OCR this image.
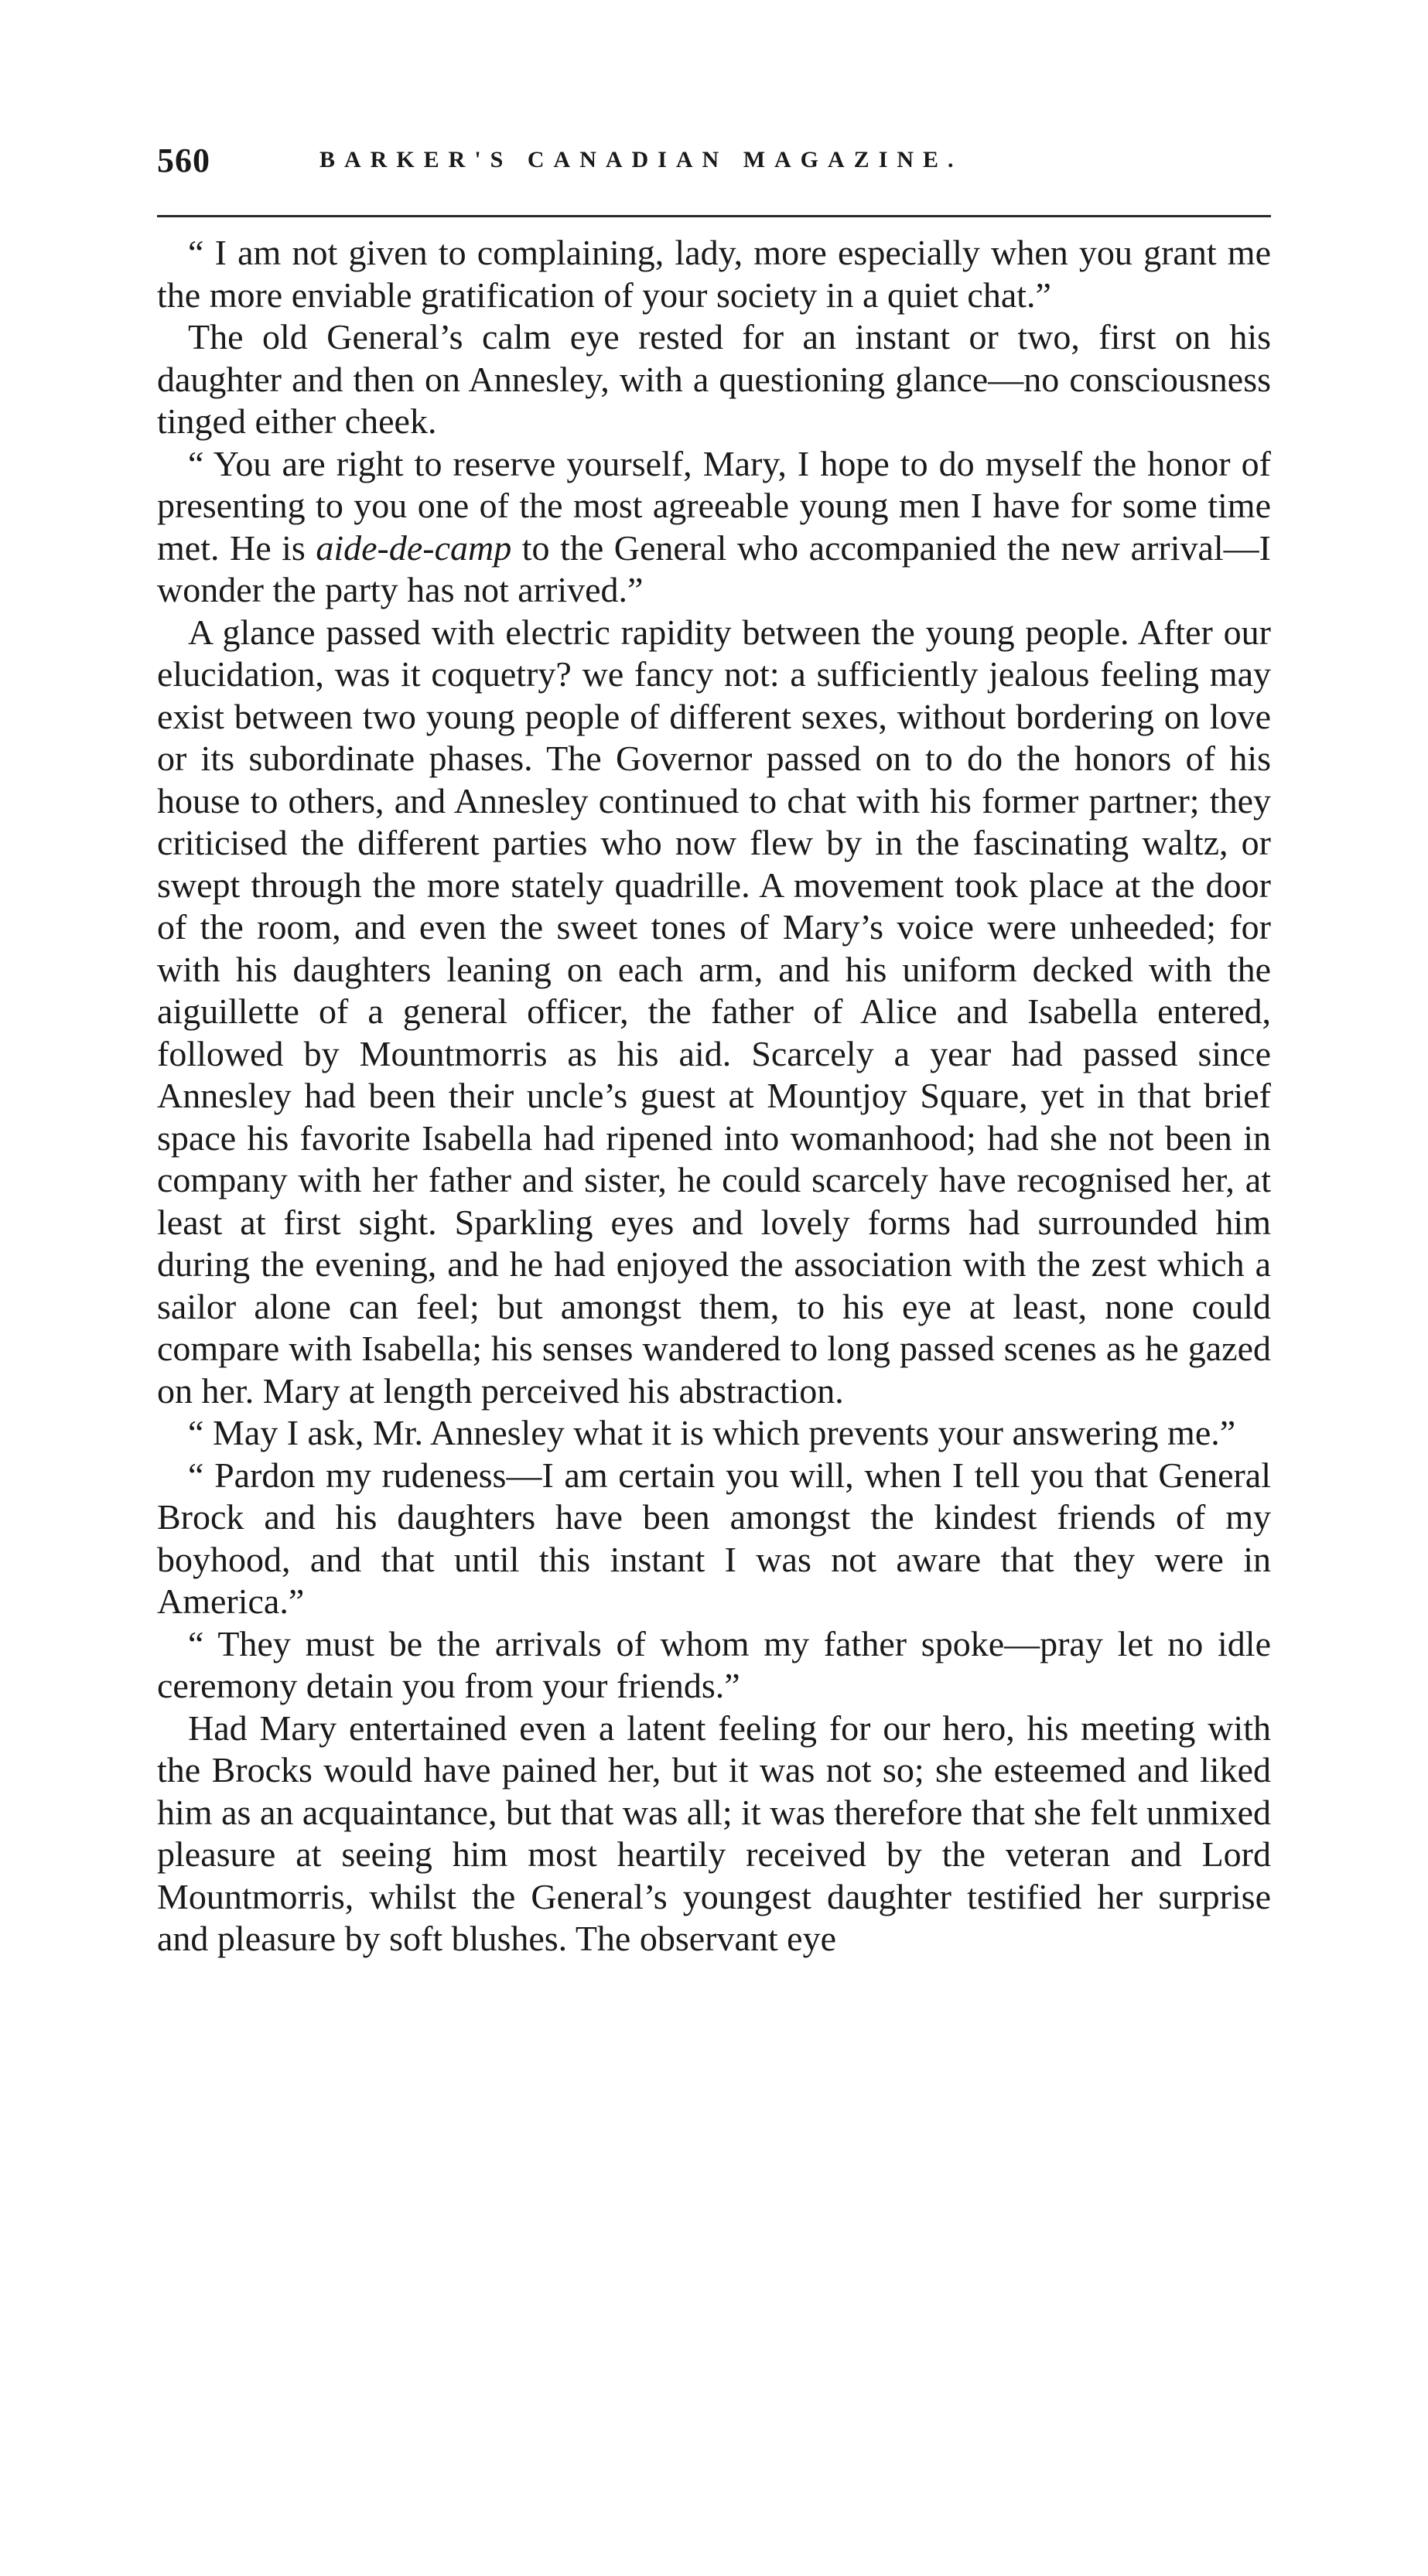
560	BARKER'S CANADIAN MAGAZINE.

“ I am not given to complaining, lady, more especially when you grant me the more enviable gratification of your society in a quiet chat.”

The old General’s calm eye rested for an instant or two, first on his daughter and then on Annesley, with a questioning glance—no consciousness tinged either cheek.

“ You are right to reserve yourself, Mary, I hope to do myself the honor of presenting to you one of the most agreeable young men I have for some time met. He is aide-de-camp to the General who accompanied the new arrival—I wonder the party has not arrived.”

A glance passed with electric rapidity between the young people. After our elucidation, was it coquetry? we fancy not: a sufficiently jealous feeling may exist between two young people of different sexes, without bordering on love or its subordinate phases. The Governor passed on to do the honors of his house to others, and Annesley continued to chat with his former partner; they criticised the different parties who now flew by in the fascinating waltz, or swept through the more stately quadrille. A movement took place at the door of the room, and even the sweet tones of Mary’s voice were unheeded; for with his daughters leaning on each arm, and his uniform decked with the aiguillette of a general officer, the father of Alice and Isabella entered, followed by Mountmorris as his aid. Scarcely a year had passed since Annesley had been their uncle’s guest at Mountjoy Square, yet in that brief space his favorite Isabella had ripened into womanhood; had she not been in company with her father and sister, he could scarcely have recognised her, at least at first sight. Sparkling eyes and lovely forms had surrounded him during the evening, and he had enjoyed the association with the zest which a sailor alone can feel; but amongst them, to his eye at least, none could compare with Isabella; his senses wandered to long passed scenes as he gazed on her. Mary at length perceived his abstraction.

“ May I ask, Mr. Annesley what it is which prevents your answering me.”

“ Pardon my rudeness—I am certain you will, when I tell you that General Brock and his daughters have been amongst the kindest friends of my boyhood, and that until this instant I was not aware that they were in America.”

“ They must be the arrivals of whom my father spoke—pray let no idle ceremony detain you from your friends.”

Had Mary entertained even a latent feeling for our hero, his meeting with the Brocks would have pained her, but it was not so; she esteemed and liked him as an acquaintance, but that was all; it was therefore that she felt unmixed pleasure at seeing him most heartily received by the veteran and Lord Mountmorris, whilst the General’s youngest daughter testified her surprise and pleasure by soft blushes. The observant eye
